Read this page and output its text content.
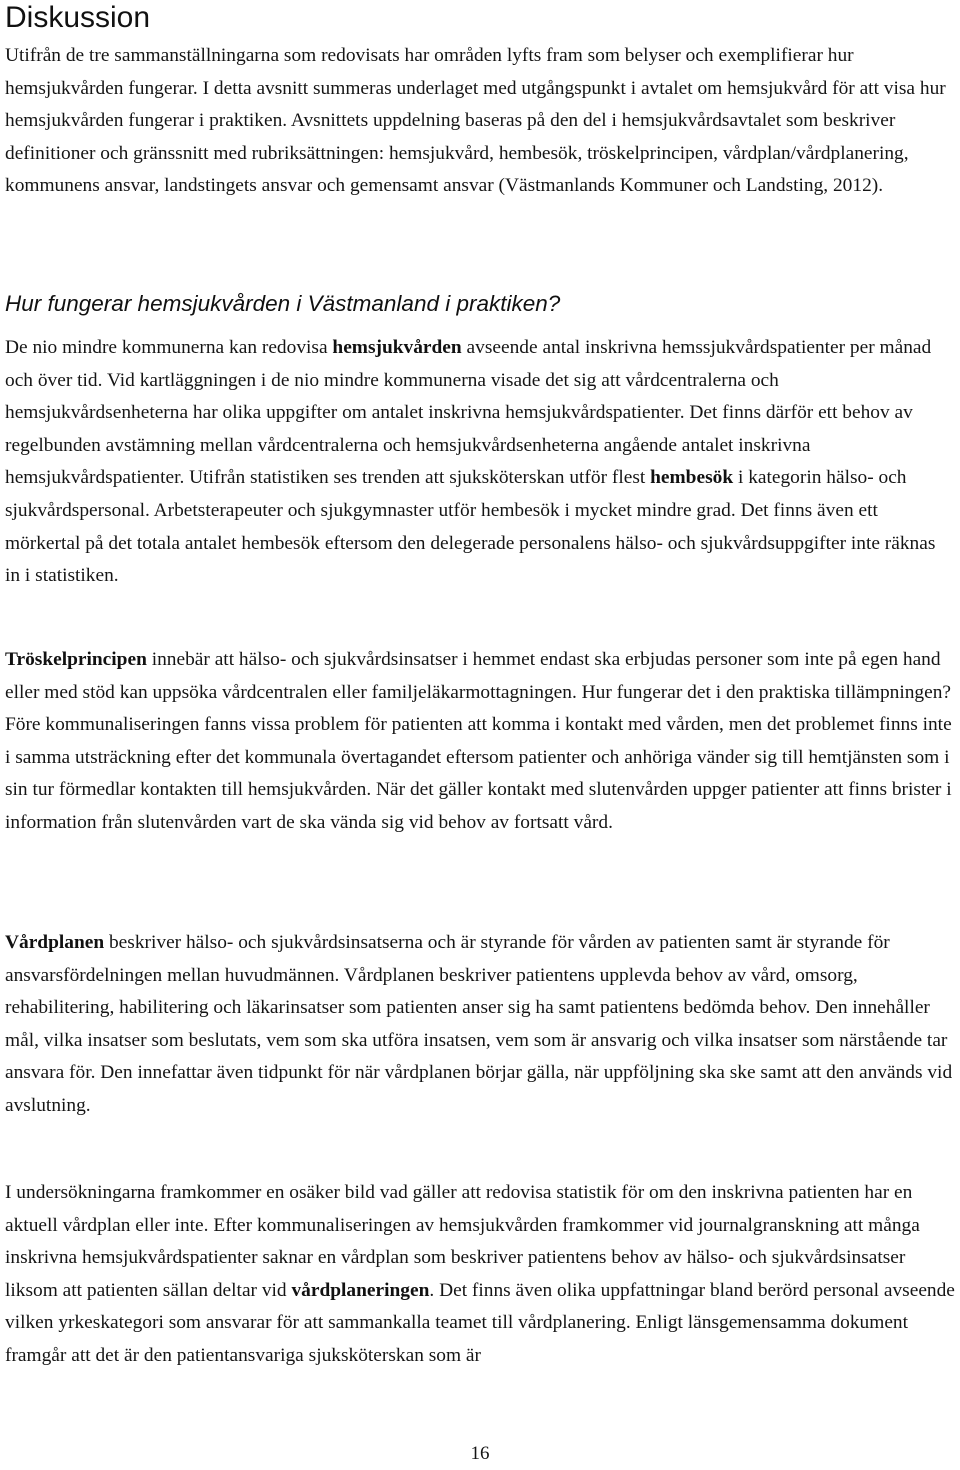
Diskussion

Utifrån de tre sammanställningarna som redovisats har områden lyfts fram som belyser och exemplifierar hur hemsjukvården fungerar. I detta avsnitt summeras underlaget med utgångspunkt i avtalet om hemsjukvård för att visa hur hemsjukvården fungerar i praktiken. Avsnittets uppdelning baseras på den del i hemsjukvårdsavtalet som beskriver definitioner och gränssnitt med rubriksättningen: hemsjukvård, hembesök, tröskelprincipen, vårdplan/vårdplanering, kommunens ansvar, landstingets ansvar och gemensamt ansvar (Västmanlands Kommuner och Landsting, 2012).

Hur fungerar hemsjukvården i Västmanland i praktiken?

De nio mindre kommunerna kan redovisa hemsjukvården avseende antal inskrivna hemssjukvårdspatienter per månad och över tid. Vid kartläggningen i de nio mindre kommunerna visade det sig att vårdcentralerna och hemsjukvårdsenheterna har olika uppgifter om antalet inskrivna hemsjukvårdspatienter. Det finns därför ett behov av regelbunden avstämning mellan vårdcentralerna och hemsjukvårdsenheterna angående antalet inskrivna hemsjukvårdspatienter. Utifrån statistiken ses trenden att sjuksköterskan utför flest hembesök i kategorin hälso- och sjukvårdspersonal. Arbetsterapeuter och sjukgymnaster utför hembesök i mycket mindre grad. Det finns även ett mörkertal på det totala antalet hembesök eftersom den delegerade personalens hälso- och sjukvårdsuppgifter inte räknas in i statistiken.

Tröskelprincipen innebär att hälso- och sjukvårdsinsatser i hemmet endast ska erbjudas personer som inte på egen hand eller med stöd kan uppsöka vårdcentralen eller familjeläkarmottagningen. Hur fungerar det i den praktiska tillämpningen? Före kommunaliseringen fanns vissa problem för patienten att komma i kontakt med vården, men det problemet finns inte i samma utsträckning efter det kommunala övertagandet eftersom patienter och anhöriga vänder sig till hemtjänsten som i sin tur förmedlar kontakten till hemsjukvården. När det gäller kontakt med slutenvården uppger patienter att finns brister i information från slutenvården vart de ska vända sig vid behov av fortsatt vård.

Vårdplanen beskriver hälso- och sjukvårdsinsatserna och är styrande för vården av patienten samt är styrande för ansvarsfördelningen mellan huvudmännen. Vårdplanen beskriver patientens upplevda behov av vård, omsorg, rehabilitering, habilitering och läkarinsatser som patienten anser sig ha samt patientens bedömda behov. Den innehåller mål, vilka insatser som beslutats, vem som ska utföra insatsen, vem som är ansvarig och vilka insatser som närstående tar ansvara för. Den innefattar även tidpunkt för när vårdplanen börjar gälla, när uppföljning ska ske samt att den används vid avslutning.

I undersökningarna framkommer en osäker bild vad gäller att redovisa statistik för om den inskrivna patienten har en aktuell vårdplan eller inte. Efter kommunaliseringen av hemsjukvården framkommer vid journalgranskning att många inskrivna hemsjukvårdspatienter saknar en vårdplan som beskriver patientens behov av hälso- och sjukvårdsinsatser liksom att patienten sällan deltar vid vårdplaneringen. Det finns även olika uppfattningar bland berörd personal avseende vilken yrkeskategori som ansvarar för att sammankalla teamet till vårdplanering. Enligt länsgemensamma dokument framgår att det är den patientansvariga sjuksköterskan som är

16
